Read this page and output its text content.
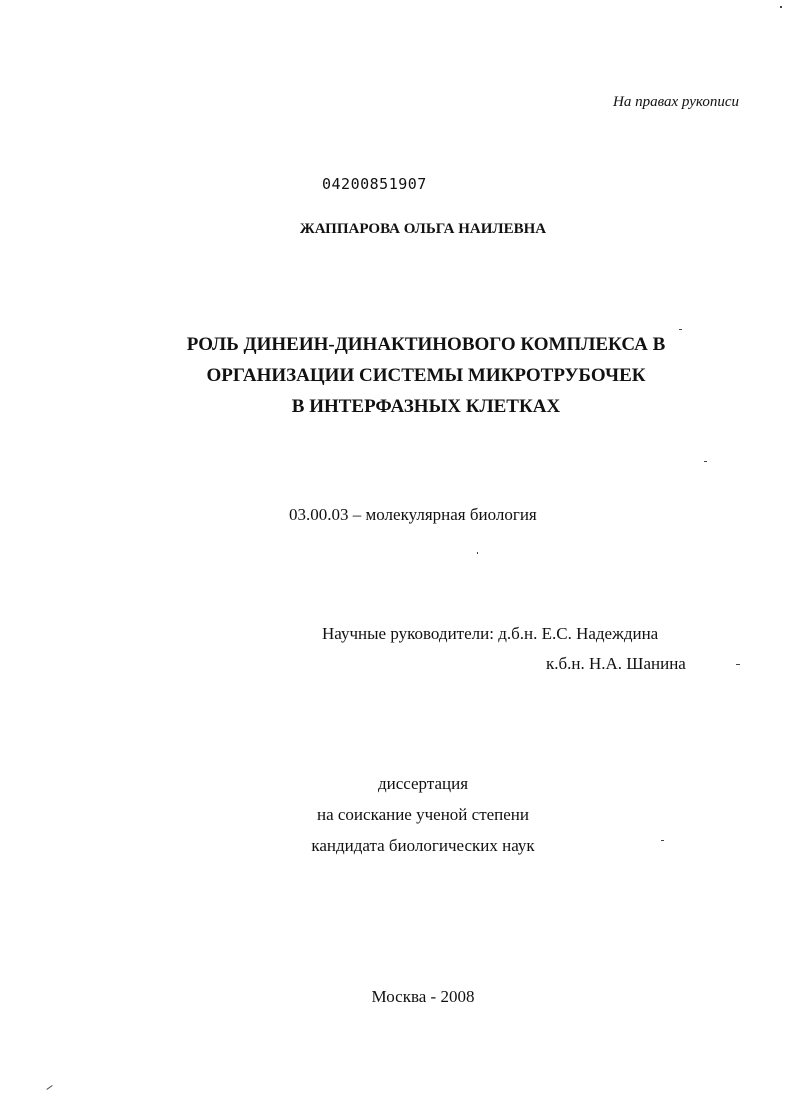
На правах рукописи
04200851907
ЖАППАРОВА ОЛЬГА НАИЛЕВНА
РОЛЬ ДИНЕИН-ДИНАКТИНОВОГО КОМПЛЕКСА В
ОРГАНИЗАЦИИ СИСТЕМЫ МИКРОТРУБОЧЕК
В ИНТЕРФАЗНЫХ КЛЕТКАХ
03.00.03 – молекулярная биология
Научные руководители: д.б.н. Е.С. Надеждина
к.б.н. Н.А. Шанина
диссертация
на соискание ученой степени
кандидата биологических наук
Москва - 2008
